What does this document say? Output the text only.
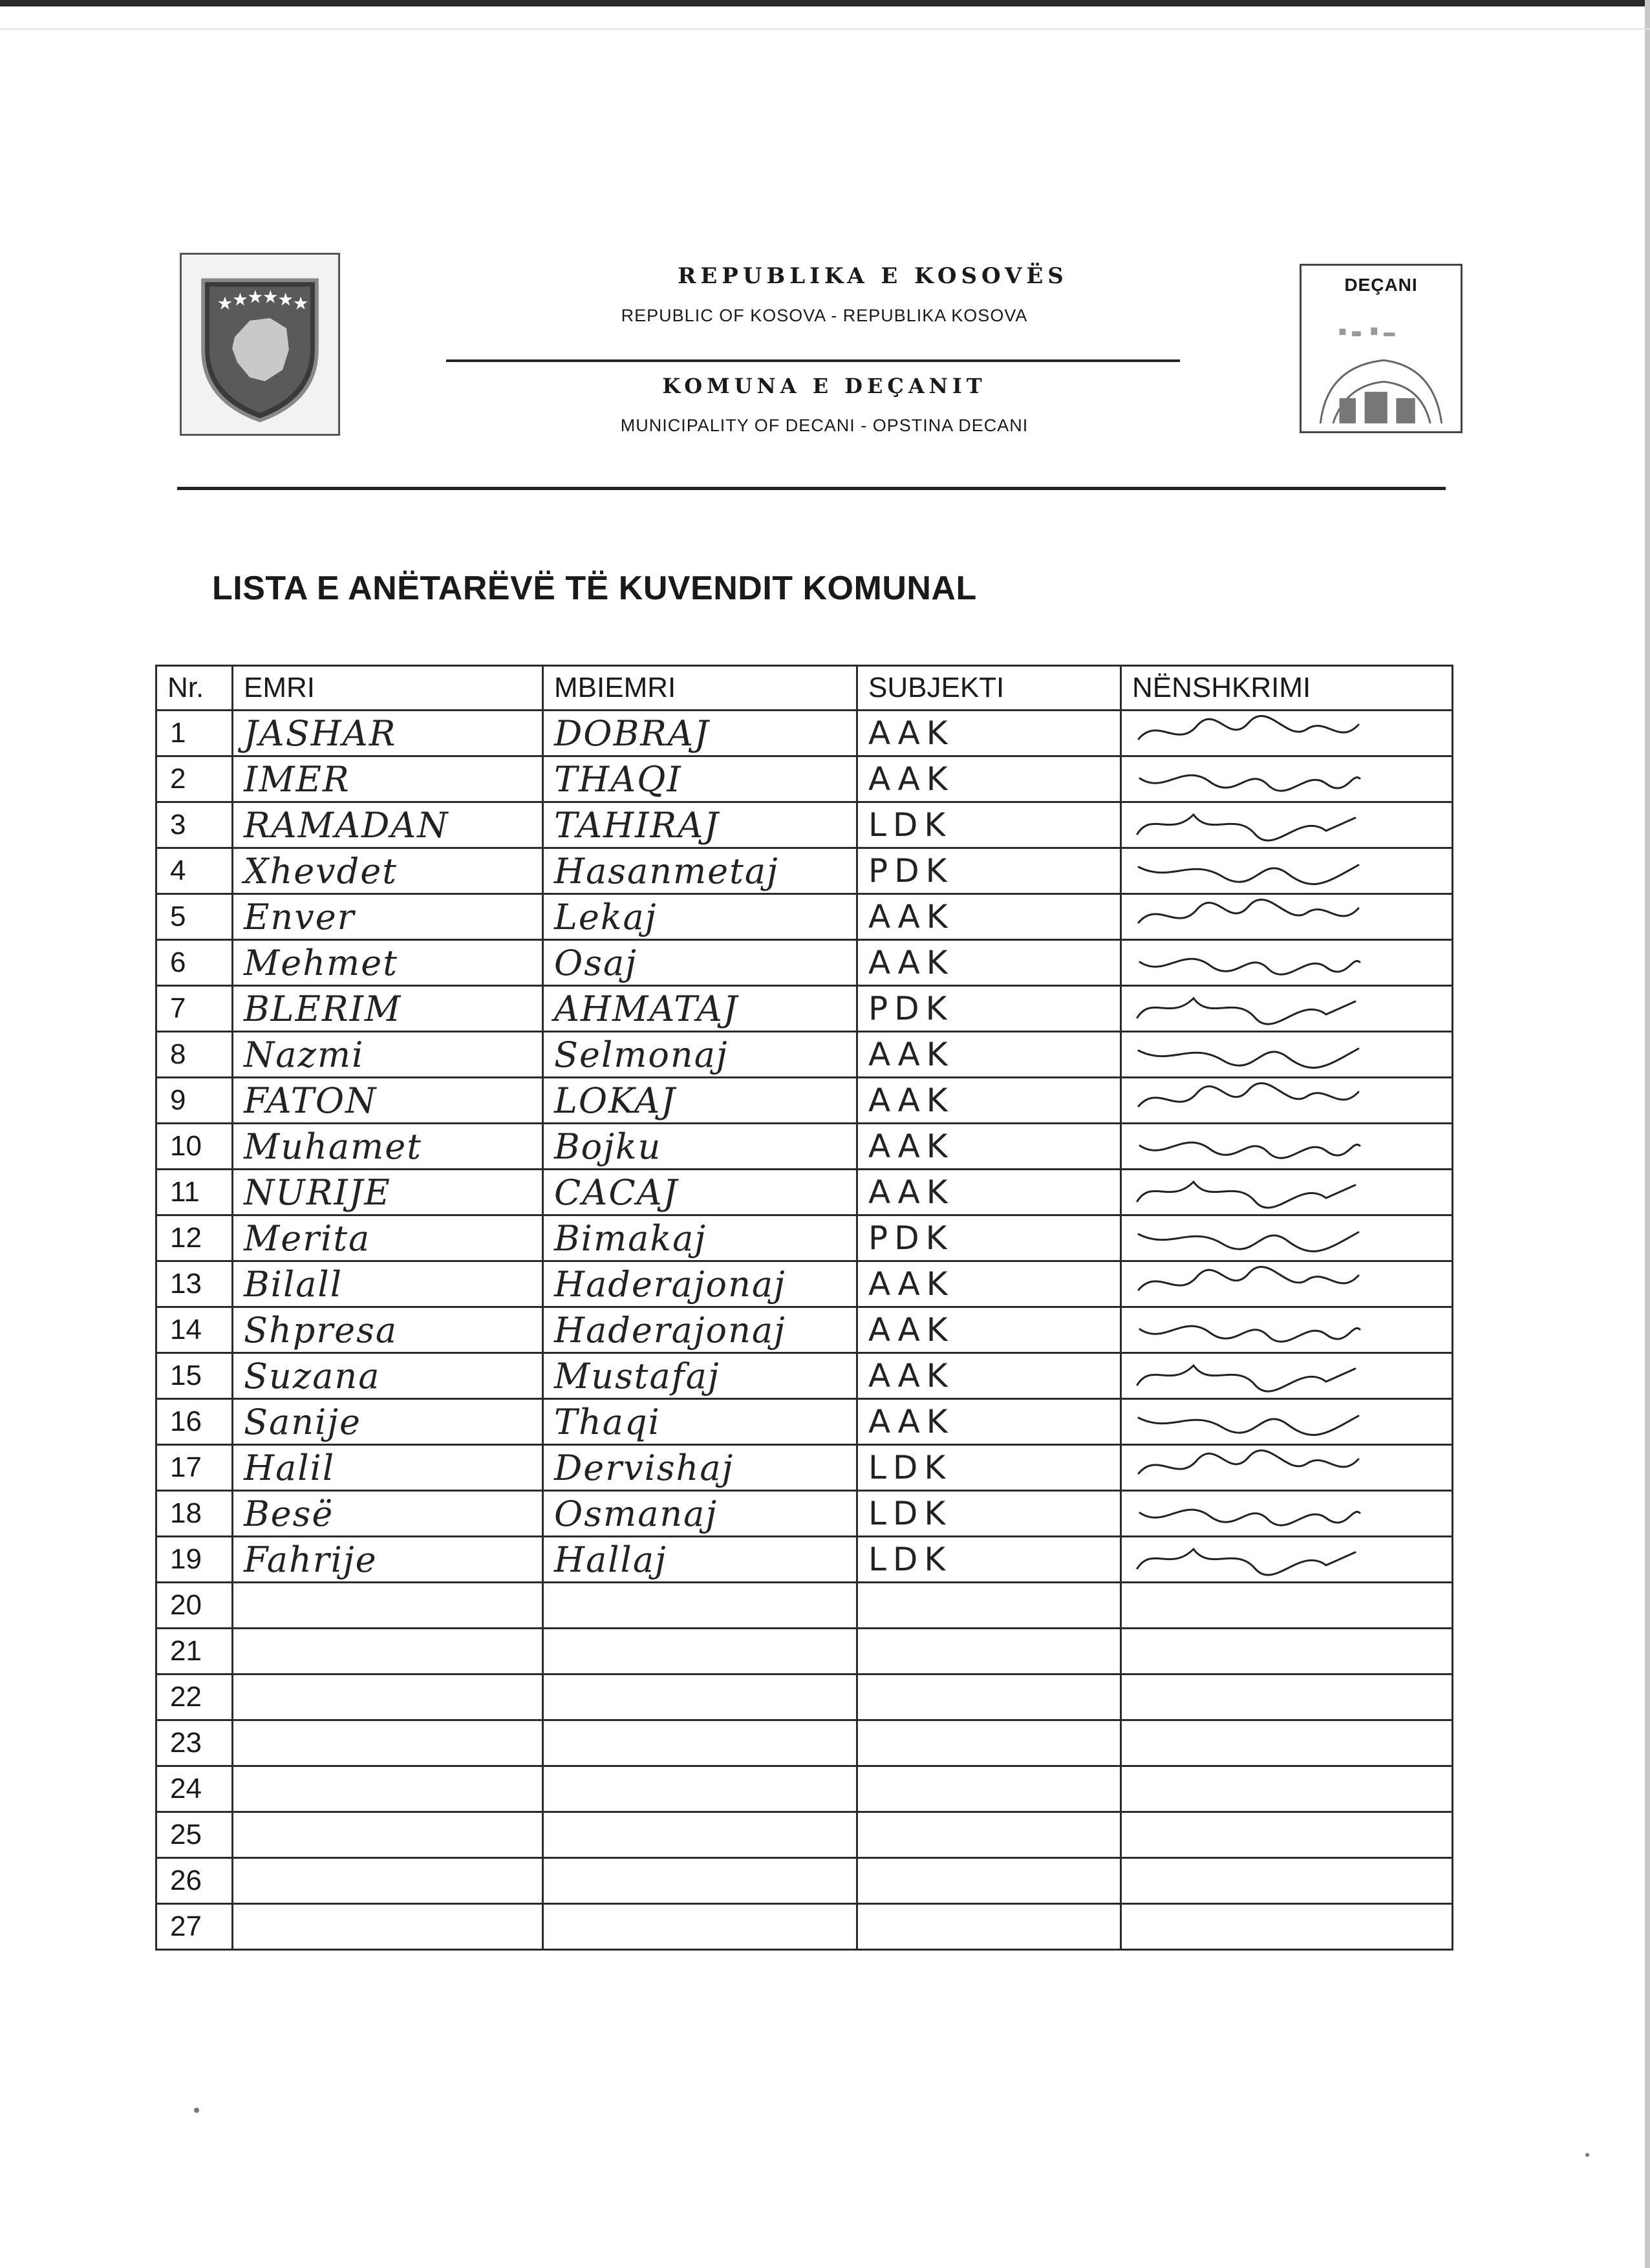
★
★
★
★
★
★
REPUBLIKA E KOSOVËS
REPUBLIC OF KOSOVA - REPUBLIKA KOSOVA
KOMUNA E DEÇANIT
MUNICIPALITY OF DECANI - OPSTINA DECANI
DEÇANI
LISTA E ANËTARËVË TË KUVENDIT KOMUNAL
Nr.	EMRI	MBIEMRI	SUBJEKTI	NËNSHKRIMI
1	JASHAR	DOBRAJ	AAK	

2	IMER	THAQI	AAK	

3	RAMADAN	TAHIRAJ	LDK	

4	Xhevdet	Hasanmetaj	PDK	

5	Enver	Lekaj	AAK	

6	Mehmet	Osaj	AAK	

7	BLERIM	AHMATAJ	PDK	

8	Nazmi	Selmonaj	AAK	

9	FATON	LOKAJ	AAK	

10	Muhamet	Bojku	AAK	

11	NURIJE	CACAJ	AAK	

12	Merita	Bimakaj	PDK	

13	Bilall	Haderajonaj	AAK	

14	Shpresa	Haderajonaj	AAK	

15	Suzana	Mustafaj	AAK	

16	Sanije	Thaqi	AAK	

17	Halil	Dervishaj	LDK	

18	Besë	Osmanaj	LDK	

19	Fahrije	Hallaj	LDK	

20				
21				
22				
23				
24				
25				
26				
27				
